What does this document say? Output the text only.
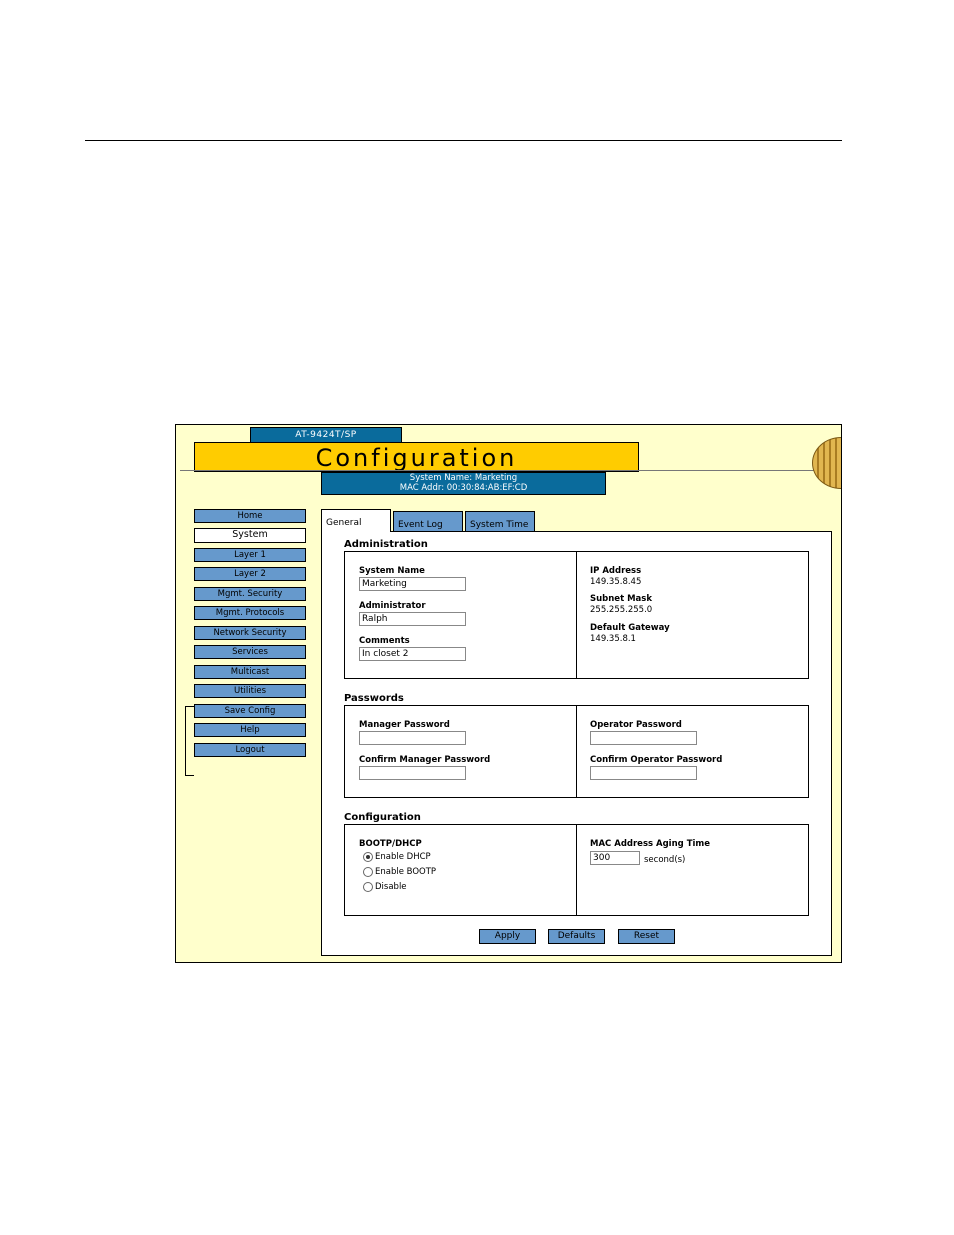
AT-9424T/SP
Configuration
System Name: Marketing
MAC Addr: 00:30:84:AB:EF:CD
Home
System
Layer 1
Layer 2
Mgmt. Security
Mgmt. Protocols
Network Security
Services
Multicast
Utilities
Save Config
Help
Logout
General	Event Log	System Time
Administration
System Name
Marketing
Administrator
Ralph
Comments
In closet 2
IP Address
149.35.8.45
Subnet Mask
255.255.255.0
Default Gateway
149.35.8.1
Passwords
Manager Password
Confirm Manager Password
Operator Password
Confirm Operator Password
Configuration
BOOTP/DHCP
Enable DHCP
Enable BOOTP
Disable
MAC Address Aging Time
300
second(s)
Apply	Defaults	Reset
